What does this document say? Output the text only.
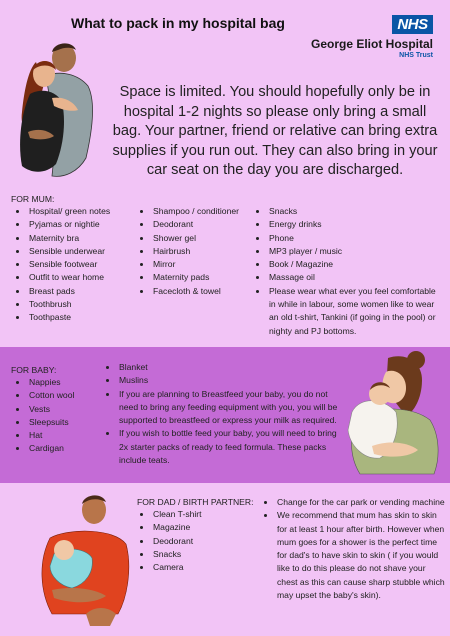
What to pack in my hospital bag	NHS
George Eliot Hospital
NHS Trust
Space is limited. You should hopefully only be in hospital 1-2 nights so please only bring a small bag. Your partner, friend or relative can bring extra supplies if you run out. They can also bring in your car seat on the day you are discharged.
FOR MUM:
• Hospital/ green notes
• Pyjamas or nightie
• Maternity bra
• Sensible underwear
• Sensible footwear
• Outfit to wear home
• Breast pads
• Toothbrush
• Toothpaste
• Shampoo / conditioner
• Deodorant
• Shower gel
• Hairbrush
• Mirror
• Maternity pads
• Facecloth & towel
• Snacks
• Energy drinks
• Phone
• MP3 player / music
• Book / Magazine
• Massage oil
• Please wear what ever you feel comfortable in while in labour, some women like to wear an old t-shirt, Tankini (if going in the pool) or nighty and PJ bottoms.
FOR BABY:
• Nappies
• Cotton wool
• Vests
• Sleepsuits
• Hat
• Cardigan
• Blanket
• Muslins
• If you are planning to Breastfeed your baby, you do not need to bring any feeding equipment with you, you will be supported to breastfeed or express your milk as required.
• If you wish to bottle feed your baby, you will need to bring 2x starter packs of ready to feed formula. These packs include teats.
FOR DAD / BIRTH PARTNER:
• Clean T-shirt
• Magazine
• Deodorant
• Snacks
• Camera
• Change for the car park or vending machine
• We recommend that mum has skin to skin for at least 1 hour after birth. However when mum goes for a shower is the perfect time for dad's to have skin to skin ( if you would like to do this please do not shave your chest as this can cause sharp stubble which may upset the baby's skin).
